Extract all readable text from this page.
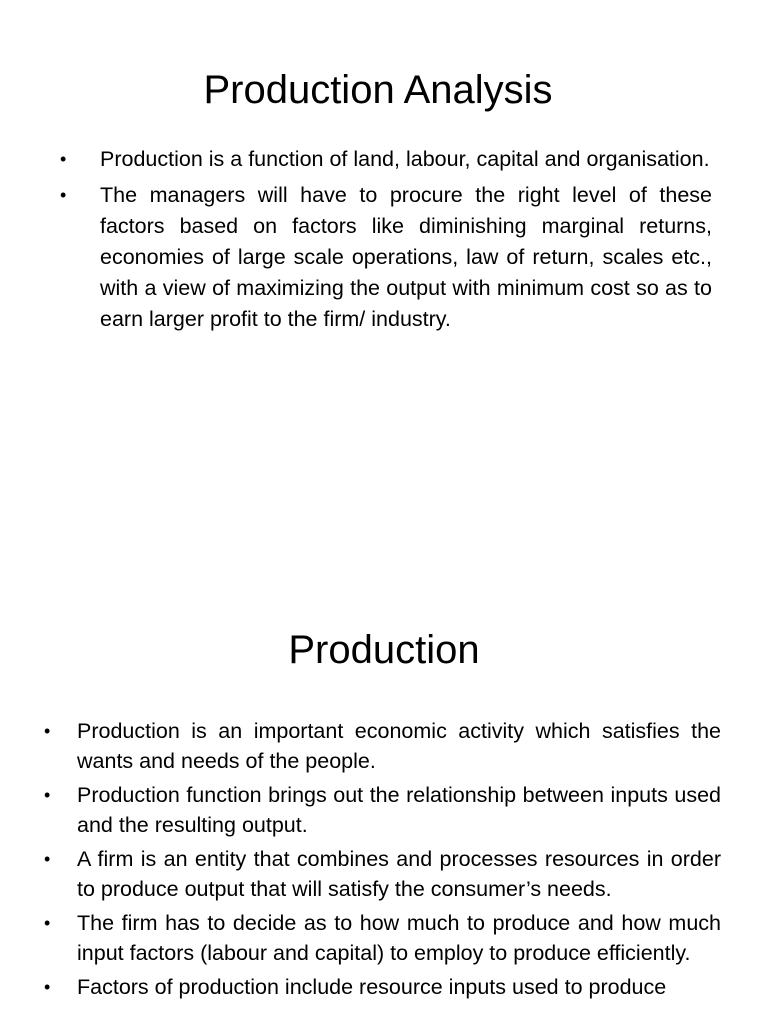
Production Analysis
•	Production is a function of land, labour, capital and organisation.
•	The managers will have to procure the right level of these factors based on factors like diminishing marginal returns, economies of large scale operations, law of return, scales etc., with a view of maximizing the output with minimum cost so as to earn larger profit to the firm/ industry.
Production
•	Production is an important economic activity which satisfies the wants and needs of the people.
•	Production function brings out the relationship between inputs used and the resulting output.
•	A firm is an entity that combines and processes resources in order to produce output that will satisfy the consumer’s needs.
•	The firm has to decide as to how much to produce and how much input factors (labour and capital) to employ to produce efficiently.
•	Factors of production include resource inputs used to produce
